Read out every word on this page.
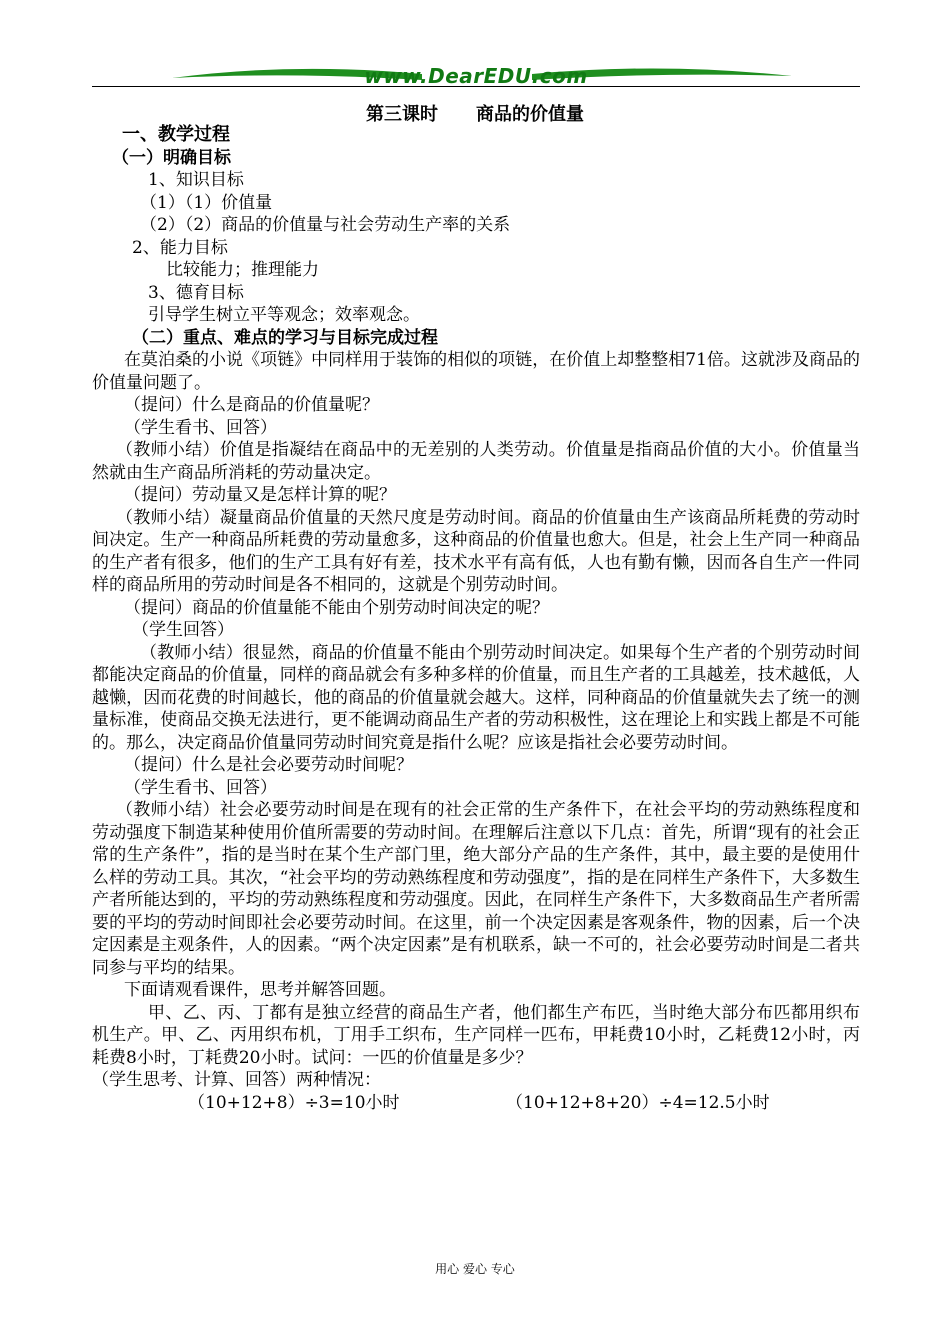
www.DearEDU.com
第三课时 商品的价值量

一、教学过程

（一）明确目标

1、知识目标

（1）（1）价值量

（2）（2）商品的价值量与社会劳动生产率的关系

2、能力目标

比较能力；推理能力

3、德育目标

引导学生树立平等观念；效率观念。

（二）重点、难点的学习与目标完成过程

在莫泊桑的小说《项链》中同样用于装饰的相似的项链，在价值上却整整相71倍。这就涉及商品的价值量问题了。

（提问）什么是商品的价值量呢？

（学生看书、回答）

（教师小结）价值是指凝结在商品中的无差别的人类劳动。价值量是指商品价值的大小。价值量当然就由生产商品所消耗的劳动量决定。

（提问）劳动量又是怎样计算的呢？

（教师小结）凝量商品价值量的天然尺度是劳动时间。商品的价值量由生产该商品所耗费的劳动时间决定。生产一种商品所耗费的劳动量愈多，这种商品的价值量也愈大。但是，社会上生产同一种商品的生产者有很多，他们的生产工具有好有差，技术水平有高有低，人也有勤有懒，因而各自生产一件同样的商品所用的劳动时间是各不相同的，这就是个别劳动时间。

（提问）商品的价值量能不能由个别劳动时间决定的呢？

（学生回答）

（教师小结）很显然，商品的价值量不能由个别劳动时间决定。如果每个生产者的个别劳动时间都能决定商品的价值量，同样的商品就会有多种多样的价值量，而且生产者的工具越差，技术越低，人越懒，因而花费的时间越长，他的商品的价值量就会越大。这样，同种商品的价值量就失去了统一的测量标准，使商品交换无法进行，更不能调动商品生产者的劳动积极性，这在理论上和实践上都是不可能的。那么，决定商品价值量同劳动时间究竟是指什么呢？应该是指社会必要劳动时间。

（提问）什么是社会必要劳动时间呢？

（学生看书、回答）

（教师小结）社会必要劳动时间是在现有的社会正常的生产条件下，在社会平均的劳动熟练程度和劳动强度下制造某种使用价值所需要的劳动时间。在理解后注意以下几点：首先，所谓“现有的社会正常的生产条件”，指的是当时在某个生产部门里，绝大部分产品的生产条件，其中，最主要的是使用什么样的劳动工具。其次，“社会平均的劳动熟练程度和劳动强度”，指的是在同样生产条件下，大多数生产者所能达到的，平均的劳动熟练程度和劳动强度。因此，在同样生产条件下，大多数商品生产者所需要的平均的劳动时间即社会必要劳动时间。在这里，前一个决定因素是客观条件，物的因素，后一个决定因素是主观条件，人的因素。“两个决定因素”是有机联系，缺一不可的，社会必要劳动时间是二者共同参与平均的结果。

下面请观看课件，思考并解答回题。

甲、乙、丙、丁都有是独立经营的商品生产者，他们都生产布匹，当时绝大部分布匹都用织布机生产。甲、乙、丙用织布机，丁用手工织布，生产同样一匹布，甲耗费10小时，乙耗费12小时，丙耗费8小时，丁耗费20小时。试问：一匹的价值量是多少？

（学生思考、计算、回答）两种情况：

（10+12+8）÷3=10小时	（10+12+8+20）÷4=12.5小时

用心 爱心 专心
